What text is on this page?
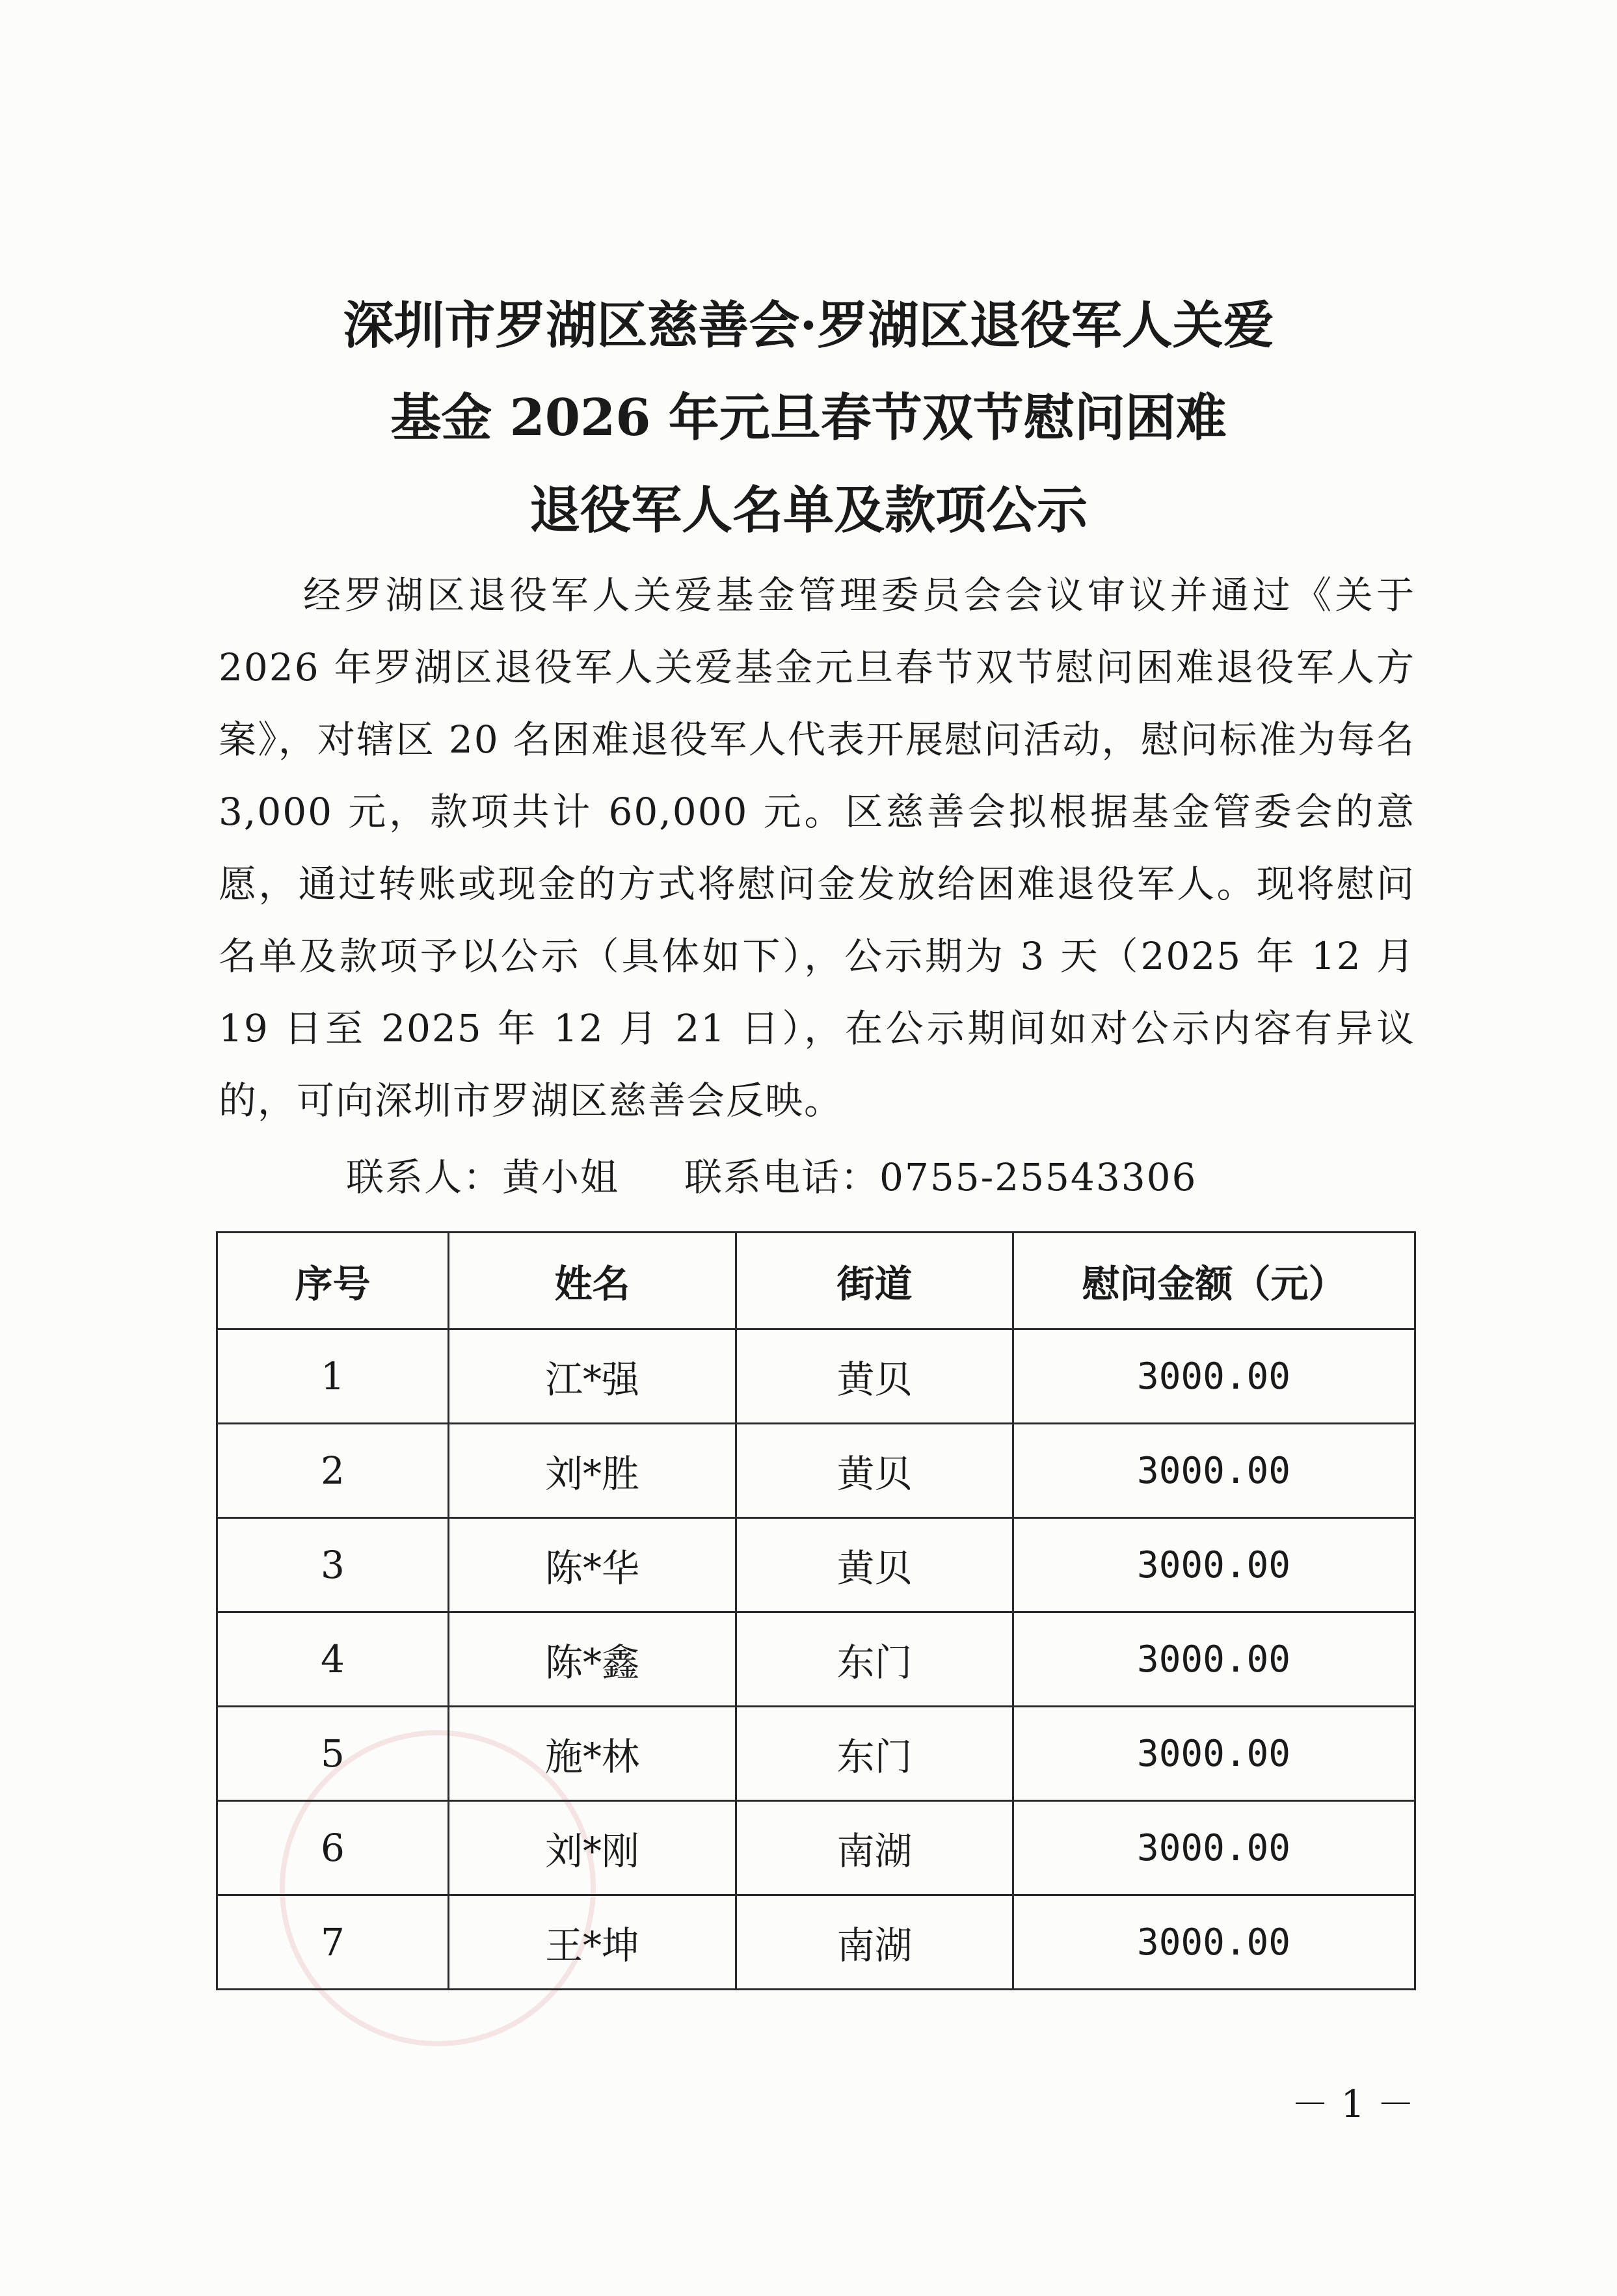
深圳市罗湖区慈善会·罗湖区退役军人关爱
基金 2026 年元旦春节双节慰问困难
退役军人名单及款项公示
经罗湖区退役军人关爱基金管理委员会会议审议并通过《关于 2026 年罗湖区退役军人关爱基金元旦春节双节慰问困难退役军人方案》，对辖区 20 名困难退役军人代表开展慰问活动，慰问标准为每名 3,000 元，款项共计 60,000 元。区慈善会拟根据基金管委会的意愿，通过转账或现金的方式将慰问金发放给困难退役军人。现将慰问名单及款项予以公示（具体如下），公示期为 3 天（2025 年 12 月 19 日至 2025 年 12 月 21 日），在公示期间如对公示内容有异议的，可向深圳市罗湖区慈善会反映。
联系人：黄小姐 联系电话：0755-25543306
序号	姓名	街道	慰问金额（元）
1	江*强	黄贝	3000.00
2	刘*胜	黄贝	3000.00
3	陈*华	黄贝	3000.00
4	陈*鑫	东门	3000.00
5	施*林	东门	3000.00
6	刘*刚	南湖	3000.00
7	王*坤	南湖	3000.00
－ 1 －
